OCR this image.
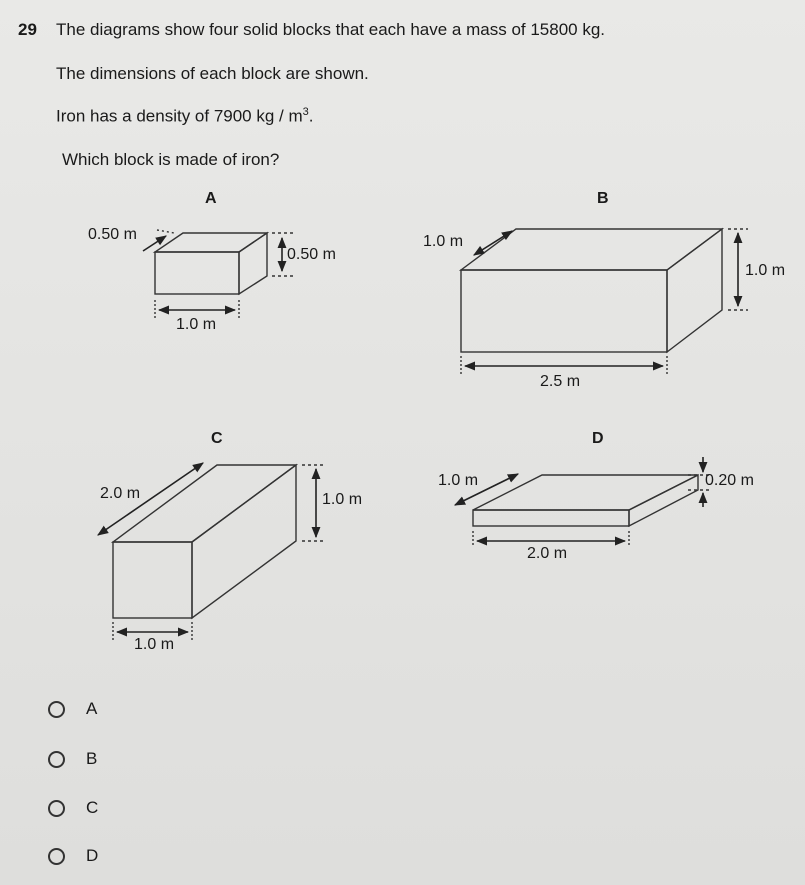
29 The diagrams show four solid blocks that each have a mass of 15800 kg.
The dimensions of each block are shown.
Iron has a density of 7900 kg / $m^3$.
Which block is made of iron?
A
0.50 m
0.50 m
1.0 m
B
1.0 m
1.0 m
2.5 m
C
2.0 m	1.0 m
1.0 m
D
1.0 m	0.20 m
2.0 m
A
B
C
D
